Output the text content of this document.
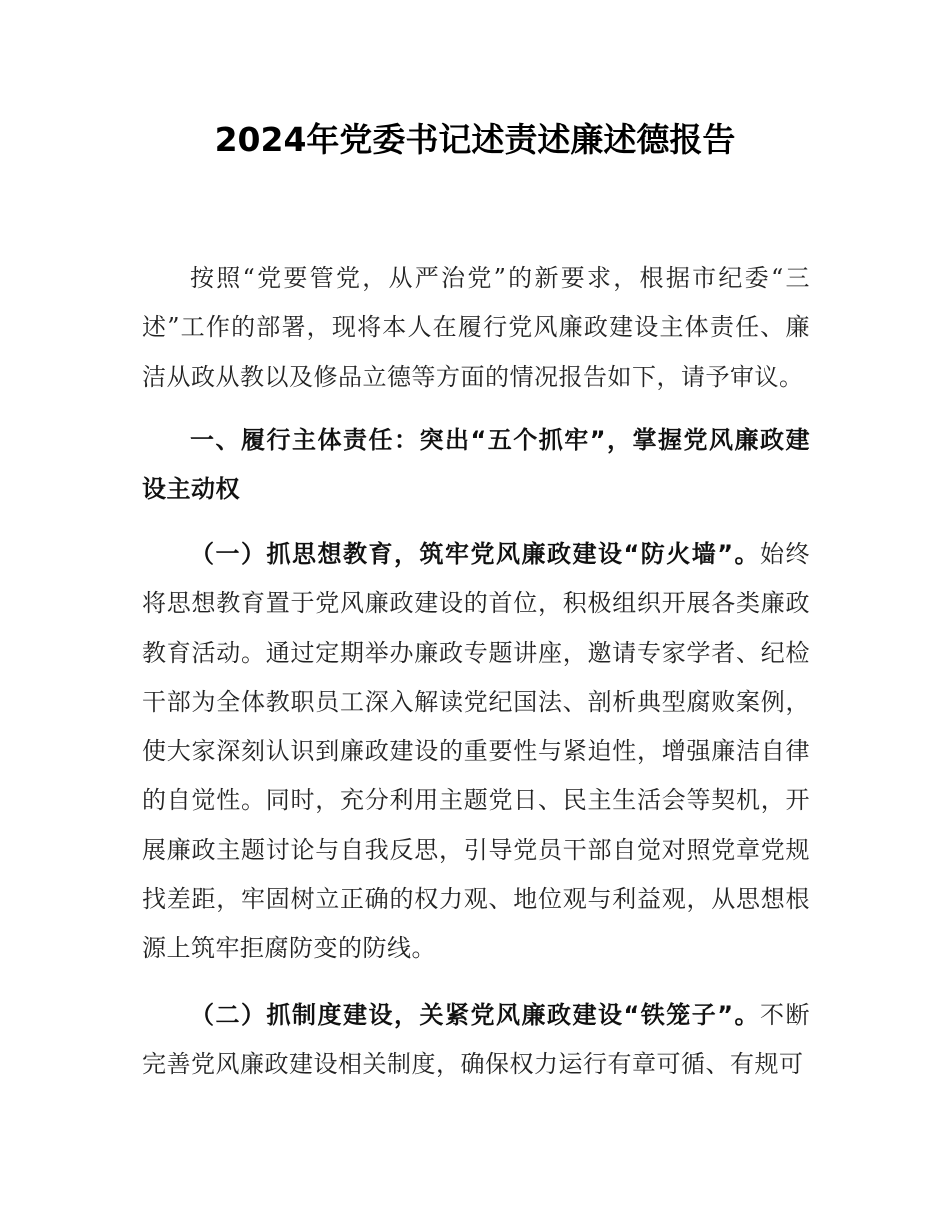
2024年党委书记述责述廉述德报告

按照“党要管党，从严治党”的新要求，根据市纪委“三述”工作的部署，现将本人在履行党风廉政建设主体责任、廉洁从政从教以及修品立德等方面的情况报告如下，请予审议。

一、履行主体责任：突出“五个抓牢”，掌握党风廉政建设主动权

（一）抓思想教育，筑牢党风廉政建设“防火墙”。始终将思想教育置于党风廉政建设的首位，积极组织开展各类廉政教育活动。通过定期举办廉政专题讲座，邀请专家学者、纪检干部为全体教职员工深入解读党纪国法、剖析典型腐败案例，使大家深刻认识到廉政建设的重要性与紧迫性，增强廉洁自律的自觉性。同时，充分利用主题党日、民主生活会等契机，开展廉政主题讨论与自我反思，引导党员干部自觉对照党章党规找差距，牢固树立正确的权力观、地位观与利益观，从思想根源上筑牢拒腐防变的防线。

（二）抓制度建设，关紧党风廉政建设“铁笼子”。不断完善党风廉政建设相关制度，确保权力运行有章可循、有规可
